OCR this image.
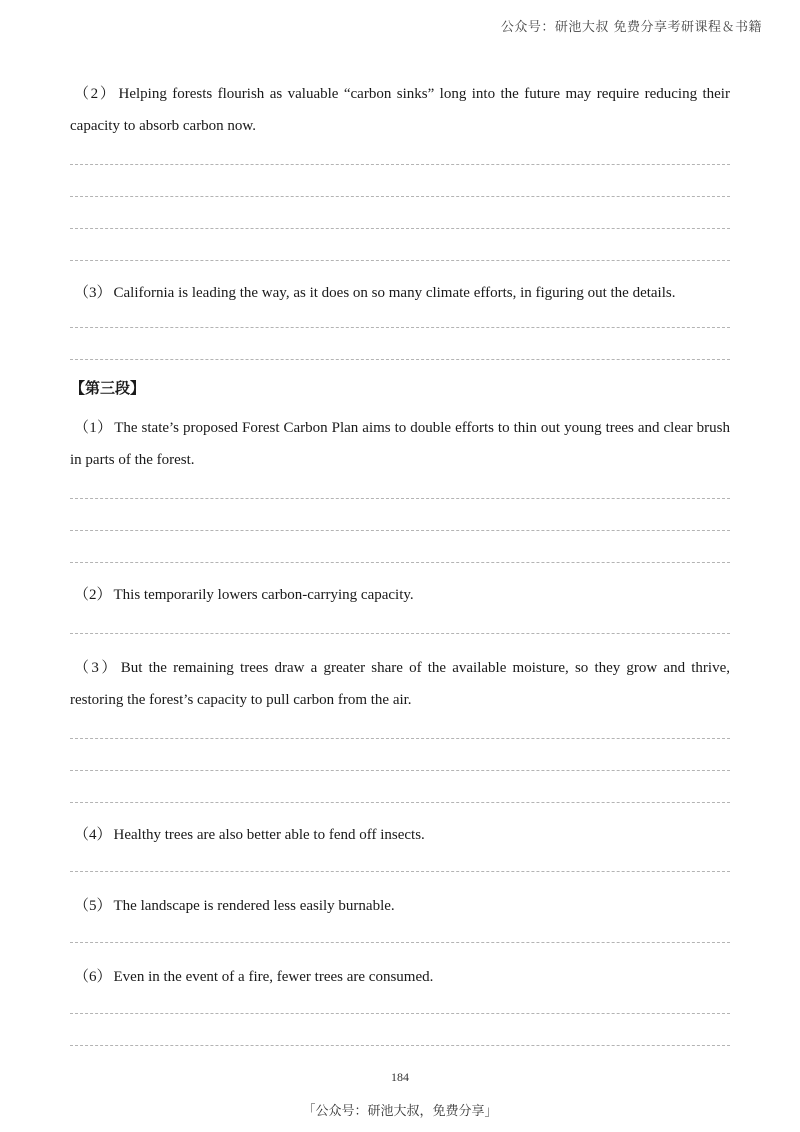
公众号：研池大叔 免费分享考研课程＆书籍

（2） Helping forests flourish as valuable “carbon sinks” long into the future may require reducing their capacity to absorb carbon now.

（3） California is leading the way, as it does on so many climate efforts, in figuring out the details.

【第三段】

（1） The state’s proposed Forest Carbon Plan aims to double efforts to thin out young trees and clear brush in parts of the forest.

（2） This temporarily lowers carbon-carrying capacity.

（3） But the remaining trees draw a greater share of the available moisture, so they grow and thrive, restoring the forest’s capacity to pull carbon from the air.

（4） Healthy trees are also better able to fend off insects.

（5） The landscape is rendered less easily burnable.

（6） Even in the event of a fire, fewer trees are consumed.

184
「公众号：研池大叔，免费分享」
